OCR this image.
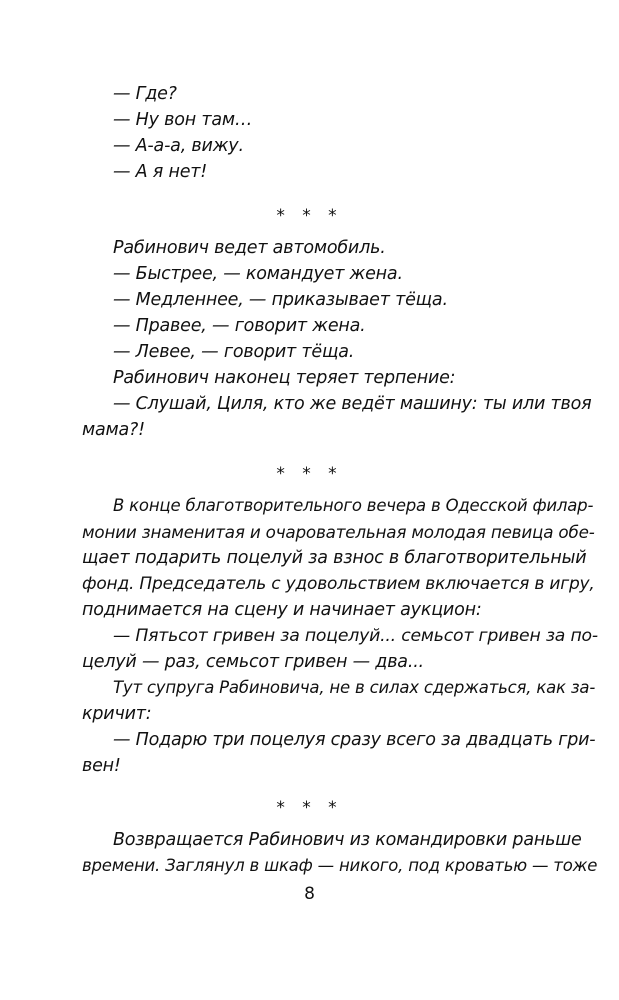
— Где?
— Ну вон там…
— А-а-а, вижу.
— А я нет!
* * *
Рабинович ведет автомобиль.
— Быстрее, — командует жена.
— Медленнее, — приказывает тёща.
— Правее, — говорит жена.
— Левее, — говорит тёща.
Рабинович наконец теряет терпение:
— Слушай, Циля, кто же ведёт машину: ты или твоя
мама?!
* * *
В конце благотворительного вечера в Одесской филар-
монии знаменитая и очаровательная молодая певица обе-
щает подарить поцелуй за взнос в благотворительный
фонд. Председатель с удовольствием включается в игру,
поднимается на сцену и начинает аукцион:
— Пятьсот гривен за поцелуй... семьсот гривен за по-
целуй — раз, семьсот гривен — два...
Тут супруга Рабиновича, не в силах сдержаться, как за-
кричит:
— Подарю три поцелуя сразу всего за двадцать гри-
вен!
* * *
Возвращается Рабинович из командировки раньше
времени. Заглянул в шкаф — никого, под кроватью — тоже
8
